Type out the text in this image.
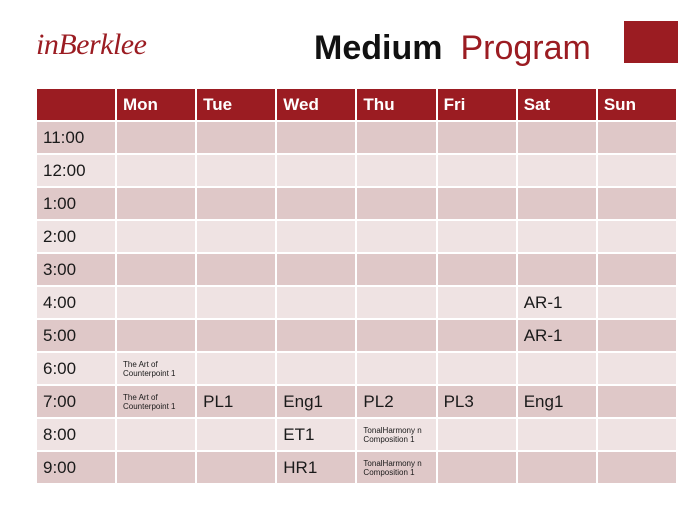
inBerklee	Medium Program
	Mon	Tue	Wed	Thu	Fri	Sat	Sun
11:00							
12:00							
1:00							
2:00							
3:00							
4:00						AR-1	
5:00						AR-1	
6:00	The Art of Counterpoint 1						
7:00	The Art of Counterpoint 1	PL1	Eng1	PL2	PL3	Eng1	
8:00			ET1	TonalHarmony n Composition 1			
9:00			HR1	TonalHarmony n Composition 1			
